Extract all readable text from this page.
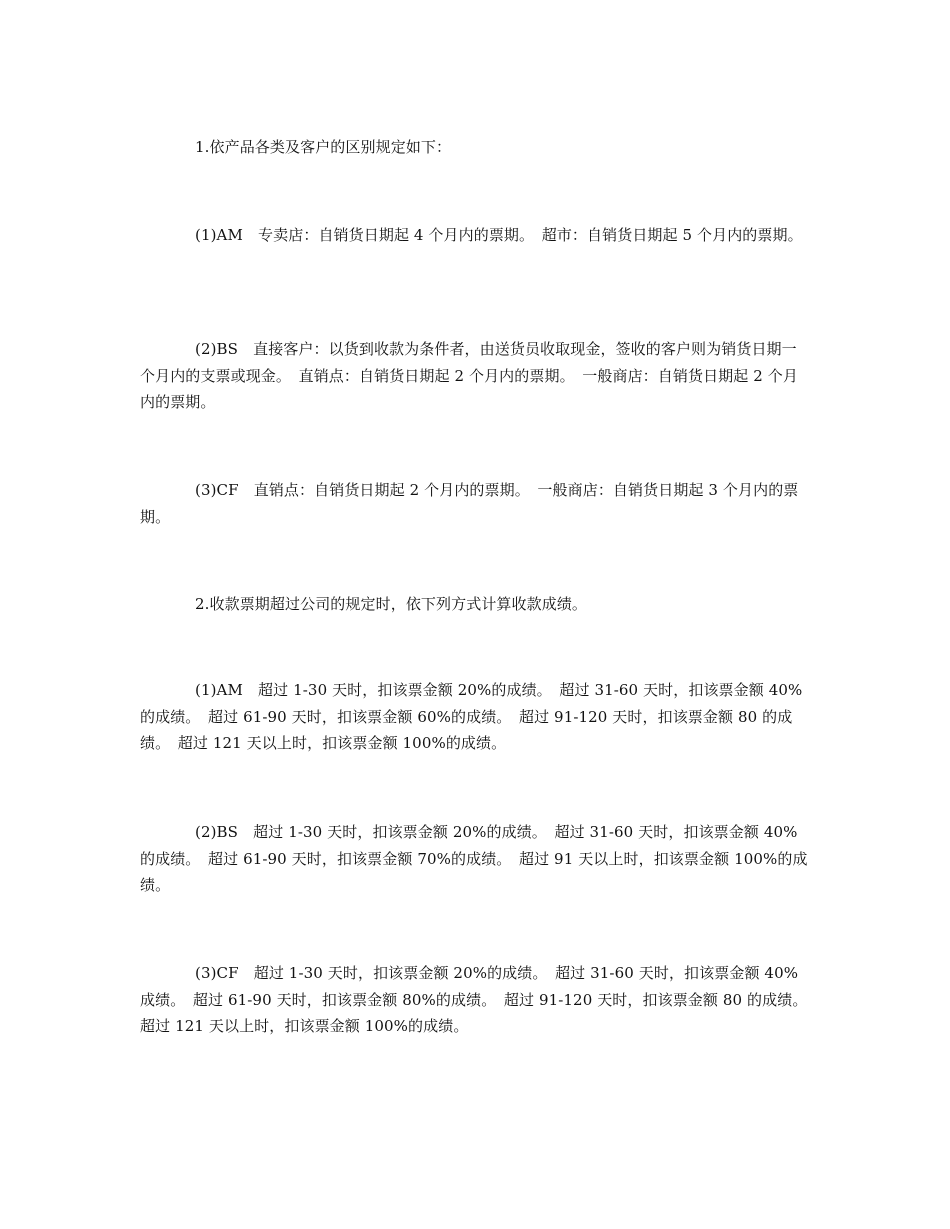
1.依产品各类及客户的区别规定如下：

(1)AM　专卖店：自销货日期起 4 个月内的票期。　超市：自销货日期起 5 个月内的票期。

(2)BS　直接客户：以货到收款为条件者，由送货员收取现金，签收的客户则为销货日期一个月内的支票或现金。　直销点：自销货日期起 2 个月内的票期。　一般商店：自销货日期起 2 个月内的票期。

(3)CF　直销点：自销货日期起 2 个月内的票期。　一般商店：自销货日期起 3 个月内的票期。

2.收款票期超过公司的规定时，依下列方式计算收款成绩。

(1)AM　超过 1-30 天时，扣该票金额 20%的成绩。　超过 31-60 天时，扣该票金额 40%的成绩。　超过 61-90 天时，扣该票金额 60%的成绩。　超过 91-120 天时，扣该票金额 80 的成绩。　超过 121 天以上时，扣该票金额 100%的成绩。

(2)BS　超过 1-30 天时，扣该票金额 20%的成绩。　超过 31-60 天时，扣该票金额 40%的成绩。　超过 61-90 天时，扣该票金额 70%的成绩。　超过 91 天以上时，扣该票金额 100%的成绩。

(3)CF　超过 1-30 天时，扣该票金额 20%的成绩。　超过 31-60 天时，扣该票金额 40%成绩。　超过 61-90 天时，扣该票金额 80%的成绩。　超过 91-120 天时，扣该票金额 80 的成绩。　超过 121 天以上时，扣该票金额 100%的成绩。
